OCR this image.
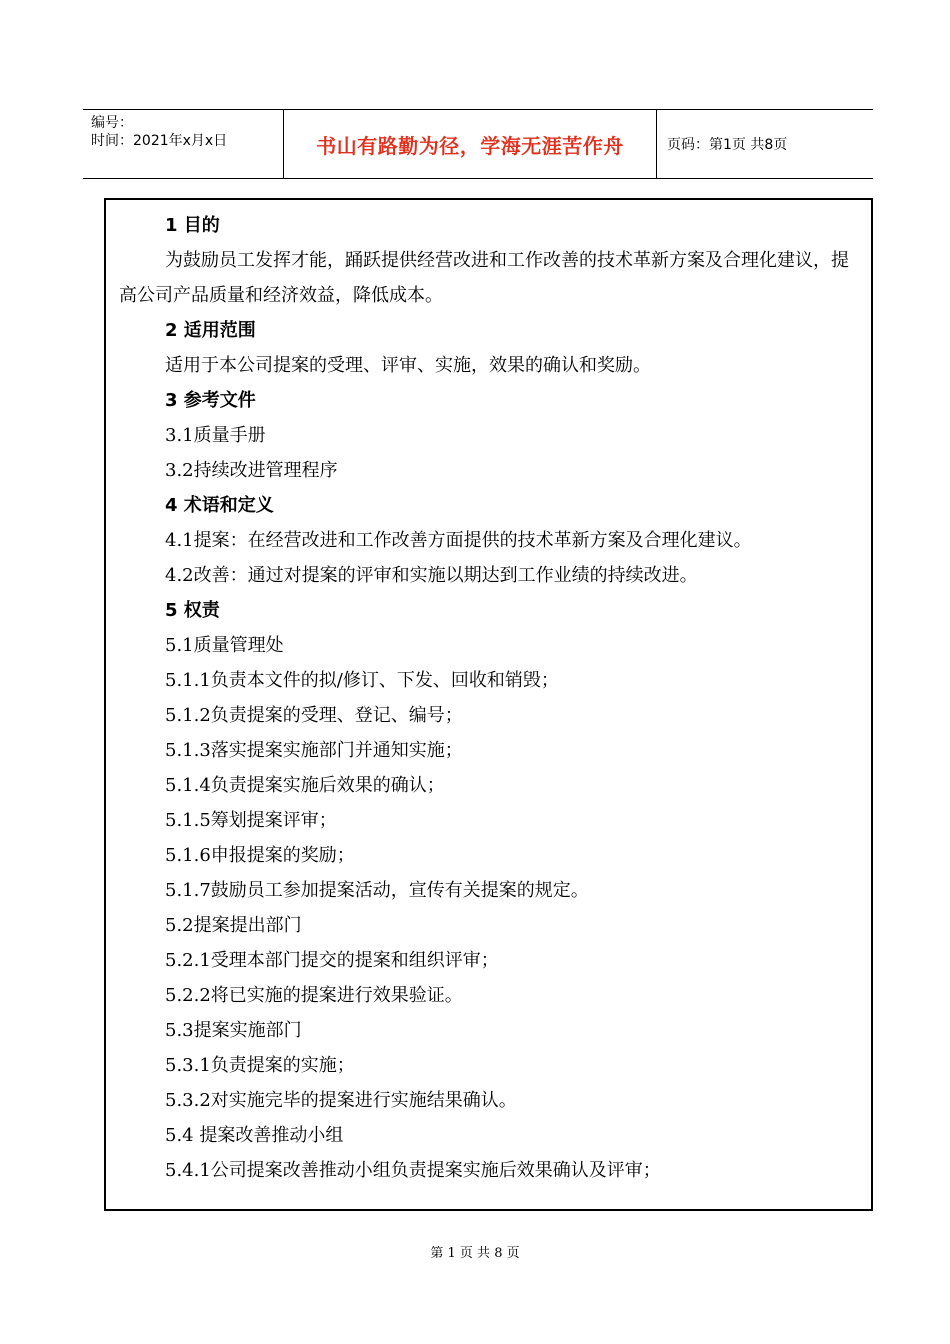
编号：
时间：2021年x月x日	书山有路勤为径，学海无涯苦作舟	页码：第1页 共8页
1 目的
为鼓励员工发挥才能，踊跃提供经营改进和工作改善的技术革新方案及合理化建议，提高公司产品质量和经济效益，降低成本。
2 适用范围
适用于本公司提案的受理、评审、实施，效果的确认和奖励。
3 参考文件
3.1质量手册
3.2持续改进管理程序
4 术语和定义
4.1提案：在经营改进和工作改善方面提供的技术革新方案及合理化建议。
4.2改善：通过对提案的评审和实施以期达到工作业绩的持续改进。
5 权责
5.1质量管理处
5.1.1负责本文件的拟/修订、下发、回收和销毁；
5.1.2负责提案的受理、登记、编号；
5.1.3落实提案实施部门并通知实施；
5.1.4负责提案实施后效果的确认；
5.1.5筹划提案评审；
5.1.6申报提案的奖励；
5.1.7鼓励员工参加提案活动，宣传有关提案的规定。
5.2提案提出部门
5.2.1受理本部门提交的提案和组织评审；
5.2.2将已实施的提案进行效果验证。
5.3提案实施部门
5.3.1负责提案的实施；
5.3.2对实施完毕的提案进行实施结果确认。
5.4 提案改善推动小组
5.4.1公司提案改善推动小组负责提案实施后效果确认及评审；
第 1 页 共 8 页
